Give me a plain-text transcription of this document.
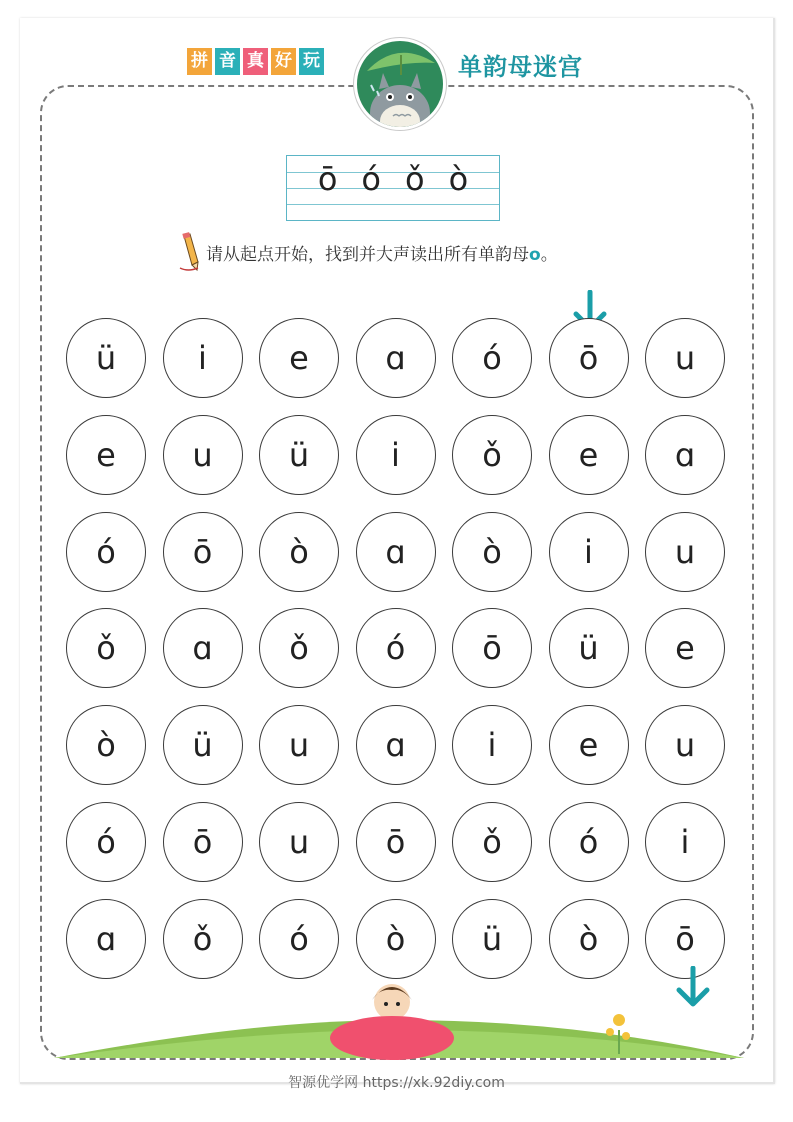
拼 音 真 好 玩	单韵母迷宫
ō ó ǒ ò
请从起点开始，找到并大声读出所有单韵母o。
ü	i	e	ɑ	ó	ō	u
e	u	ü	i	ǒ	e	ɑ
ó	ō	ò	ɑ	ò	i	u
ǒ	ɑ	ǒ	ó	ō	ü	e
ò	ü	u	ɑ	i	e	u
ó	ō	u	ō	ǒ	ó	i
ɑ	ǒ	ó	ò	ü	ò	ō
智源优学网 https://xk.92diy.com
